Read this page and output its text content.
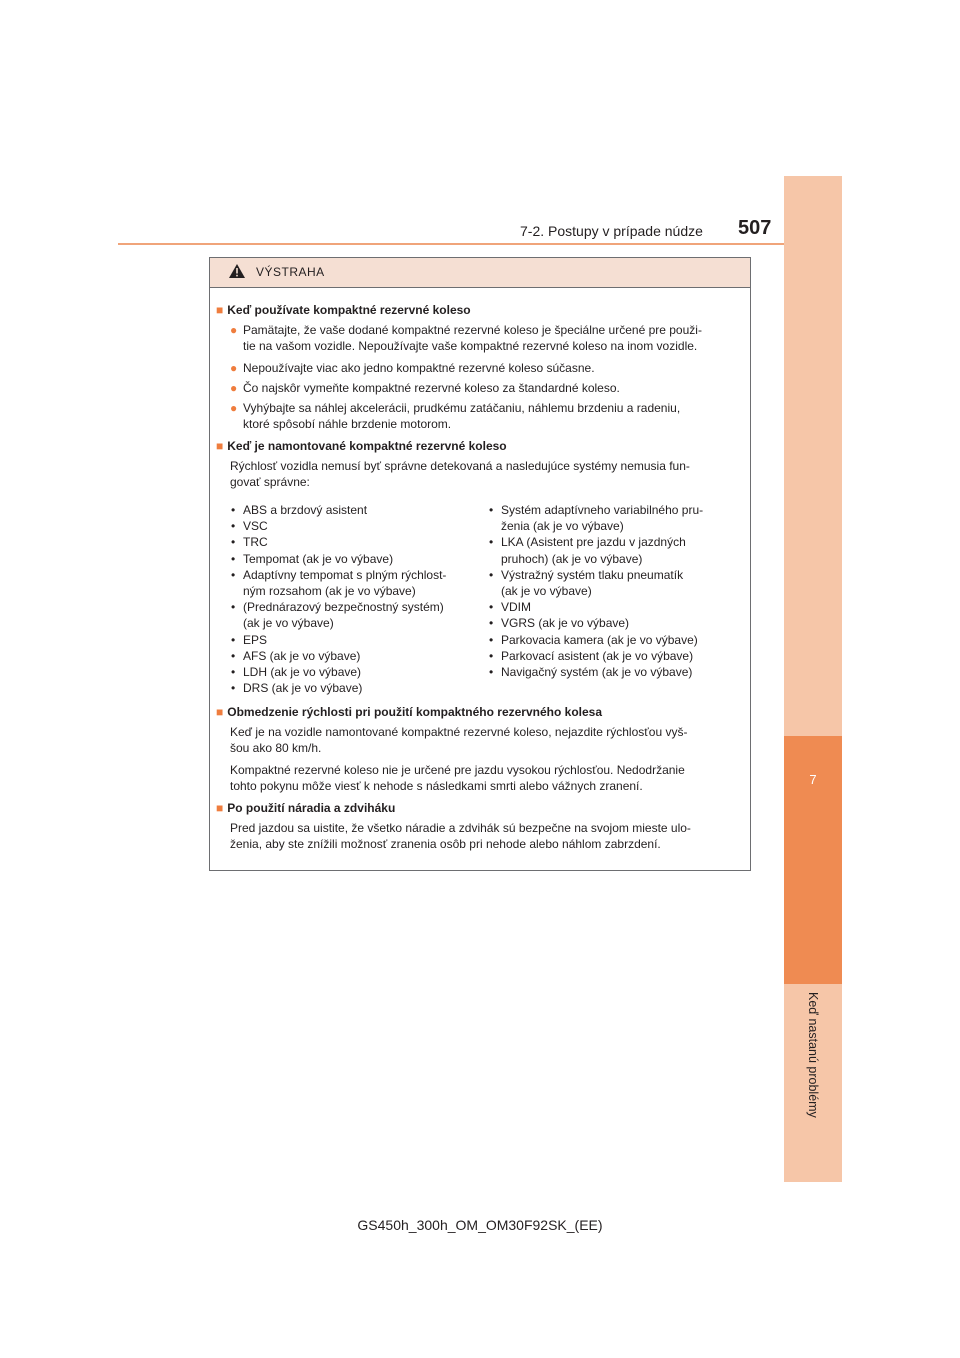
7
Keď nastanú problémy
7-2. Postupy v prípade núdze 507
VÝSTRAHA
■ Keď používate kompaktné rezervné koleso
● Pamätajte, že vaše dodané kompaktné rezervné koleso je špeciálne určené pre použi-
tie na vašom vozidle. Nepoužívajte vaše kompaktné rezervné koleso na inom vozidle.
● Nepoužívajte viac ako jedno kompaktné rezervné koleso súčasne.
● Čo najskôr vymeňte kompaktné rezervné koleso za štandardné koleso.
● Vyhýbajte sa náhlej akcelerácii, prudkému zatáčaniu, náhlemu brzdeniu a radeniu,
ktoré spôsobí náhle brzdenie motorom.
■ Keď je namontované kompaktné rezervné koleso
Rýchlosť vozidla nemusí byť správne detekovaná a nasledujúce systémy nemusia fun-
govať správne:
• ABS a brzdový asistent
• VSC
• TRC
• Tempomat (ak je vo výbave)
• Adaptívny tempomat s plným rýchlost-
ným rozsahom (ak je vo výbave)
• (Prednárazový bezpečnostný systém)
(ak je vo výbave)
• EPS
• AFS (ak je vo výbave)
• LDH (ak je vo výbave)
• DRS (ak je vo výbave)
• Systém adaptívneho variabilného pru-
ženia (ak je vo výbave)
• LKA (Asistent pre jazdu v jazdných
pruhoch) (ak je vo výbave)
• Výstražný systém tlaku pneumatík
(ak je vo výbave)
• VDIM
• VGRS (ak je vo výbave)
• Parkovacia kamera (ak je vo výbave)
• Parkovací asistent (ak je vo výbave)
• Navigačný systém (ak je vo výbave)
■ Obmedzenie rýchlosti pri použití kompaktného rezervného kolesa
Keď je na vozidle namontované kompaktné rezervné koleso, nejazdite rýchlosťou vyš-
šou ako 80 km/h.
Kompaktné rezervné koleso nie je určené pre jazdu vysokou rýchlosťou. Nedodržanie
tohto pokynu môže viesť k nehode s následkami smrti alebo vážnych zranení.
■ Po použití náradia a zdviháku
Pred jazdou sa uistite, že všetko náradie a zdvihák sú bezpečne na svojom mieste ulo-
ženia, aby ste znížili možnosť zranenia osôb pri nehode alebo náhlom zabrzdení.
GS450h_300h_OM_OM30F92SK_(EE)
